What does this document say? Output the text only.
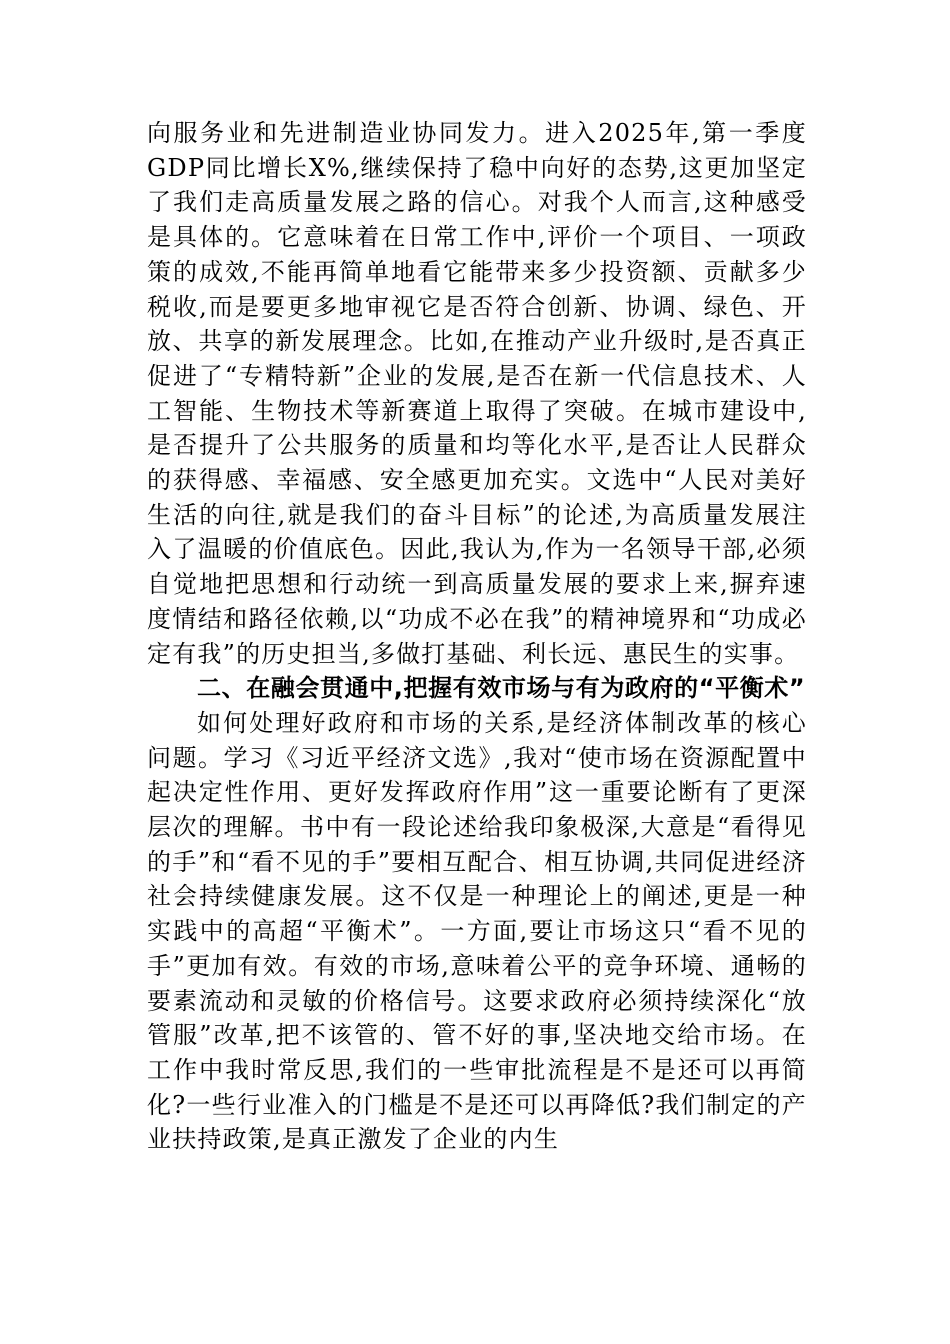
向服务业和先进制造业协同发力。进入2025年,第一季度GDP同比增长X%,继续保持了稳中向好的态势,这更加坚定了我们走高质量发展之路的信心。对我个人而言,这种感受是具体的。它意味着在日常工作中,评价一个项目、一项政策的成效,不能再简单地看它能带来多少投资额、贡献多少税收,而是要更多地审视它是否符合创新、协调、绿色、开放、共享的新发展理念。比如,在推动产业升级时,是否真正促进了“专精特新”企业的发展,是否在新一代信息技术、人工智能、生物技术等新赛道上取得了突破。在城市建设中,是否提升了公共服务的质量和均等化水平,是否让人民群众的获得感、幸福感、安全感更加充实。文选中“人民对美好生活的向往,就是我们的奋斗目标”的论述,为高质量发展注入了温暖的价值底色。因此,我认为,作为一名领导干部,必须自觉地把思想和行动统一到高质量发展的要求上来,摒弃速度情结和路径依赖,以“功成不必在我”的精神境界和“功成必定有我”的历史担当,多做打基础、利长远、惠民生的实事。

二、在融会贯通中,把握有效市场与有为政府的“平衡术”

如何处理好政府和市场的关系,是经济体制改革的核心问题。学习《习近平经济文选》,我对“使市场在资源配置中起决定性作用、更好发挥政府作用”这一重要论断有了更深层次的理解。书中有一段论述给我印象极深,大意是“看得见的手”和“看不见的手”要相互配合、相互协调,共同促进经济社会持续健康发展。这不仅是一种理论上的阐述,更是一种实践中的高超“平衡术”。一方面,要让市场这只“看不见的手”更加有效。有效的市场,意味着公平的竞争环境、通畅的要素流动和灵敏的价格信号。这要求政府必须持续深化“放管服”改革,把不该管的、管不好的事,坚决地交给市场。在工作中我时常反思,我们的一些审批流程是不是还可以再简化?一些行业准入的门槛是不是还可以再降低?我们制定的产业扶持政策,是真正激发了企业的内生
